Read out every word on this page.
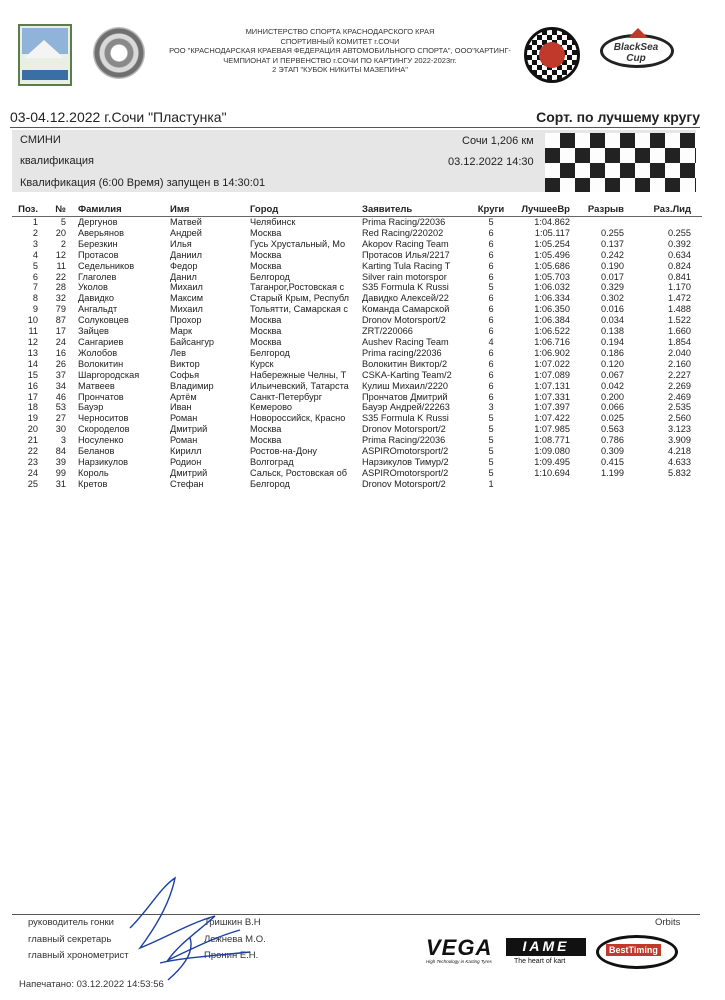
МИНИСТЕРСТВО СПОРТА КРАСНОДАРСКОГО КРАЯ
СПОРТИВНЫЙ КОМИТЕТ г.СОЧИ
РОО "КРАСНОДАРСКАЯ КРАЕВАЯ ФЕДЕРАЦИЯ АВТОМОБИЛЬНОГО СПОРТА", ООО"КАРТИНГ-
ЧЕМПИОНАТ И ПЕРВЕНСТВО г.СОЧИ ПО КАРТИНГУ 2022-2023гг.
2 ЭТАП "КУБОК НИКИТЫ МАЗЕПИНА"
BlackSea Cup
03-04.12.2022 г.Сочи "Пластунка"	Сорт. по лучшему кругу
СМИНИ
квалификация
Квалификация (6:00 Время) запущен в 14:30:01
Сочи 1,206 км
03.12.2022 14:30
Поз.	№ Фамилия	Имя	Город	Заявитель	Круги	ЛучшееВр	Разрыв	Раз.Лид
1	5 Дергунов	Матвей	Челябинск	Prima Racing/22036	5	1:04.862
2	20 Аверьянов	Андрей	Москва	Red Racing/220202	6	1:05.117	0.255	0.255
3	2 Березкин	Илья	Гусь Хрустальный, Мо	Akopov Racing Team	6	1:05.254	0.137	0.392
4	12 Протасов	Даниил	Москва	Протасов Илья/2217	6	1:05.496	0.242	0.634
5	11 Седельников	Федор	Москва	Karting Tula Racing T	6	1:05.686	0.190	0.824
6	22 Глаголев	Данил	Белгород	Silver rain motorspor	6	1:05.703	0.017	0.841
7	28 Уколов	Михаил	Таганрог,Ростовская с	S35 Formula K Russi	5	1:06.032	0.329	1.170
8	32 Давидко	Максим	Старый Крым, Республ	Давидко Алексей/22	6	1:06.334	0.302	1.472
9	79 Ангальдт	Михаил	Тольятти, Самарская с	Команда Самарской	6	1:06.350	0.016	1.488
10	87 Солуковцев	Прохор	Москва	Dronov Motorsport/2	6	1:06.384	0.034	1.522
11	17 Зайцев	Марк	Москва	ZRT/220066	6	1:06.522	0.138	1.660
12	24 Сангариев	Байсангур	Москва	Aushev Racing Team	4	1:06.716	0.194	1.854
13	16 Жолобов	Лев	Белгород	Prima racing/22036	6	1:06.902	0.186	2.040
14	26 Волокитин	Виктор	Курск	Волокитин Виктор/2	6	1:07.022	0.120	2.160
15	37 Шаргородская	Софья	Набережные Челны, Т	CSKA-Karting Team/2	6	1:07.089	0.067	2.227
16	34 Матвеев	Владимир	Ильичевский, Татарста	Кулиш Михаил/2220	6	1:07.131	0.042	2.269
17	46 Прончатов	Артём	Санкт-Петербург	Прончатов Дмитрий	6	1:07.331	0.200	2.469
18	53 Бауэр	Иван	Кемерово	Бауэр Андрей/22263	3	1:07.397	0.066	2.535
19	27 Черноситов	Роман	Новороссийск, Красно	S35 Formula K Russi	5	1:07.422	0.025	2.560
20	30 Скороделов	Дмитрий	Москва	Dronov Motorsport/2	5	1:07.985	0.563	3.123
21	3 Носуленко	Роман	Москва	Prima Racing/22036	5	1:08.771	0.786	3.909
22	84 Беланов	Кирилл	Ростов-на-Дону	ASPIROmotorsport/2	5	1:09.080	0.309	4.218
23	39 Нарзикулов	Родион	Волгоград	Нарзикулов Тимур/2	5	1:09.495	0.415	4.633
24	99 Король	Дмитрий	Сальск, Ростовская об	ASPIROmotorsport/2	5	1:10.694	1.199	5.832
25	31 Кретов	Стефан	Белгород	Dronov Motorsport/2	1
руководитель гонки	Тришкин В.Н
главный секретарь	Лежнева М.О.
главный хронометрист	Пронин Е.Н.
Напечатано: 03.12.2022 14:53:56
Orbits
VEGA
High Technology in Karting Tyres
IAME
The heart of kart
BestTiming
